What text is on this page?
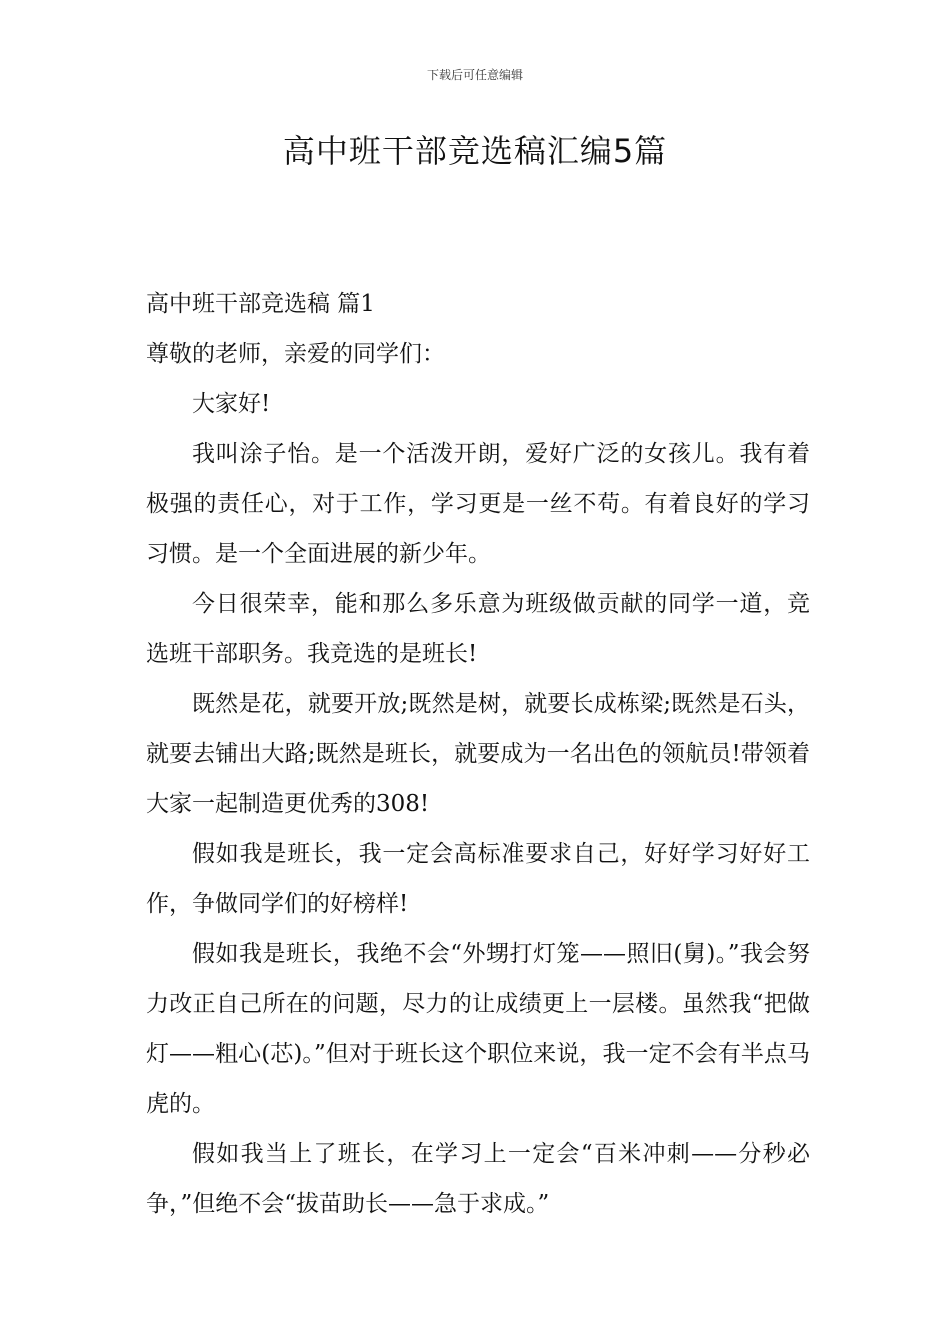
下载后可任意编辑
高中班干部竞选稿汇编5篇

高中班干部竞选稿 篇1

尊敬的老师，亲爱的同学们：

大家好!

我叫涂子怡。是一个活泼开朗，爱好广泛的女孩儿。我有着极强的责任心，对于工作，学习更是一丝不苟。有着良好的学习习惯。是一个全面进展的新少年。

今日很荣幸，能和那么多乐意为班级做贡献的同学一道，竞选班干部职务。我竞选的是班长!

既然是花，就要开放;既然是树，就要长成栋梁;既然是石头，就要去铺出大路;既然是班长，就要成为一名出色的领航员!带领着大家一起制造更优秀的308!

假如我是班长，我一定会高标准要求自己，好好学习好好工作，争做同学们的好榜样!

假如我是班长，我绝不会“外甥打灯笼——照旧(舅)。”我会努力改正自己所在的问题，尽力的让成绩更上一层楼。虽然我“把做灯——粗心(芯)。”但对于班长这个职位来说，我一定不会有半点马虎的。

假如我当上了班长，在学习上一定会“百米冲刺——分秒必争，”但绝不会“拔苗助长——急于求成。”
